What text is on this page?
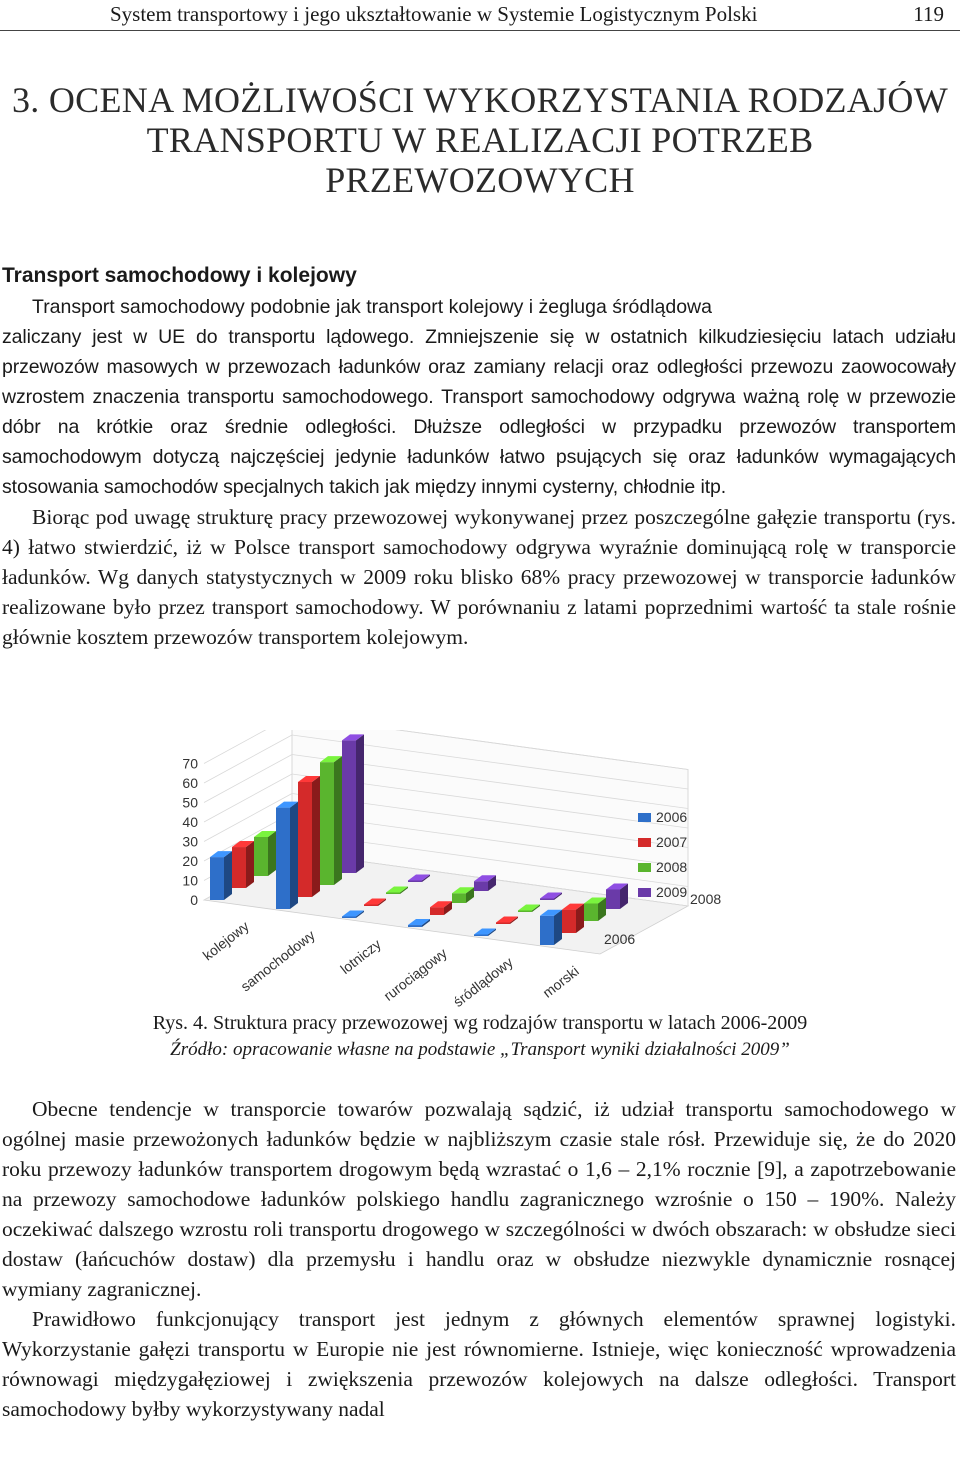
System transportowy i jego ukształtowanie w Systemie Logistycznym Polski	119
3. OCENA MOŻLIWOŚCI WYKORZYSTANIA RODZAJÓW
TRANSPORTU W REALIZACJI POTRZEB
PRZEWOZOWYCH
Transport samochodowy i kolejowy

Transport samochodowy podobnie jak transport kolejowy i żegluga śródlądowa

zaliczany jest w UE do transportu lądowego. Zmniejszenie się w ostatnich kilkudziesięciu latach udziału przewozów masowych w przewozach ładunków oraz zamiany relacji oraz odległości przewozu zaowocowały wzrostem znaczenia transportu samochodowego. Transport samochodowy odgrywa ważną rolę w przewozie dóbr na krótkie oraz średnie odległości. Dłuższe odległości w przypadku przewozów transportem samochodowym dotyczą najczęściej jedynie ładunków łatwo psujących się oraz ładunków wymagających stosowania samochodów specjalnych takich jak między innymi cysterny, chłodnie itp.

Biorąc pod uwagę strukturę pracy przewozowej wykonywanej przez poszczególne gałęzie transportu (rys. 4) łatwo stwierdzić, iż w Polsce transport samochodowy odgrywa wyraźnie dominującą rolę w transporcie ładunków. Wg danych statystycznych w 2009 roku blisko 68% pracy przewozowej w transporcie ładunków realizowane było przez transport samochodowy. W porównaniu z latami poprzednimi wartość ta stale rośnie głównie kosztem przewozów transportem kolejowym.

0
10
20
30
40
50
60
70
kolejowy
samochodowy lotniczy
rurociągowy śródlądowy morski
2008
2006
2006
2007
2008
2009
Rys. 4. Struktura pracy przewozowej wg rodzajów transportu w latach 2006-2009
Źródło: opracowanie własne na podstawie „Transport wyniki działalności 2009”

Obecne tendencje w transporcie towarów pozwalają sądzić, iż udział transportu samochodowego w ogólnej masie przewożonych ładunków będzie w najbliższym czasie stale rósł. Przewiduje się, że do 2020 roku przewozy ładunków transportem drogowym będą wzrastać o 1,6 – 2,1% rocznie [9], a zapotrzebowanie na przewozy samochodowe ładunków polskiego handlu zagranicznego wzrośnie o 150 – 190%. Należy oczekiwać dalszego wzrostu roli transportu drogowego w szczególności w dwóch obszarach: w obsłudze sieci dostaw (łańcuchów dostaw) dla przemysłu i handlu oraz w obsłudze niezwykle dynamicznie rosnącej wymiany zagranicznej.

Prawidłowo funkcjonujący transport jest jednym z głównych elementów sprawnej logistyki. Wykorzystanie gałęzi transportu w Europie nie jest równomierne. Istnieje, więc konieczność wprowadzenia równowagi międzygałęziowej i zwiększenia przewozów kolejowych na dalsze odległości. Transport samochodowy byłby wykorzystywany nadal
